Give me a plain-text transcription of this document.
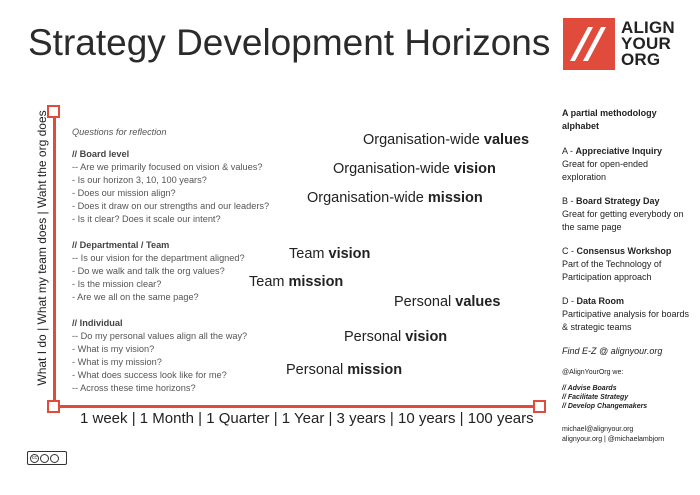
Strategy Development Horizons	ALIGN
YOUR
ORG
What I do | What my team does | Waht the org does
1 week | 1 Month | 1 Quarter | 1 Year | 3 years | 10 years | 100 years
Questions for reflection
// Board level
-- Are we primarily focused on vision & values?
- Is our horizon 3, 10, 100 years?
- Does our mission align?
- Does it draw on our strengths and our leaders?
- Is it clear? Does it scale our intent?
// Departmental / Team
-- Is our vision for the department aligned?
- Do we walk and talk the org values?
- Is the mission clear?
- Are we all on the same page?
// Individual
-- Do my personal values align all the way?
- What is my vision?
- What is my mission?
- What does success look like for me?
-- Across these time horizons?
Organisation-wide values
Organisation-wide vision
Organisation-wide mission
Team vision
Team mission
Personal values
Personal vision
Personal mission
A partial methodology alphabet
A - Appreciative Inquiry
Great for open-ended exploration
B - Board Strategy Day
Great for getting everybody on the same page
C - Consensus Workshop
Part of the Technology of Participation approach
D - Data Room
Participative analysis for boards & strategic teams
Find E-Z @ alignyour.org
@AlignYourOrg we:
// Advise Boards
// Facilitate Strategy
// Develop Changemakers
michael@alignyour.org
alignyour.org | @michaelambjorn
cc
